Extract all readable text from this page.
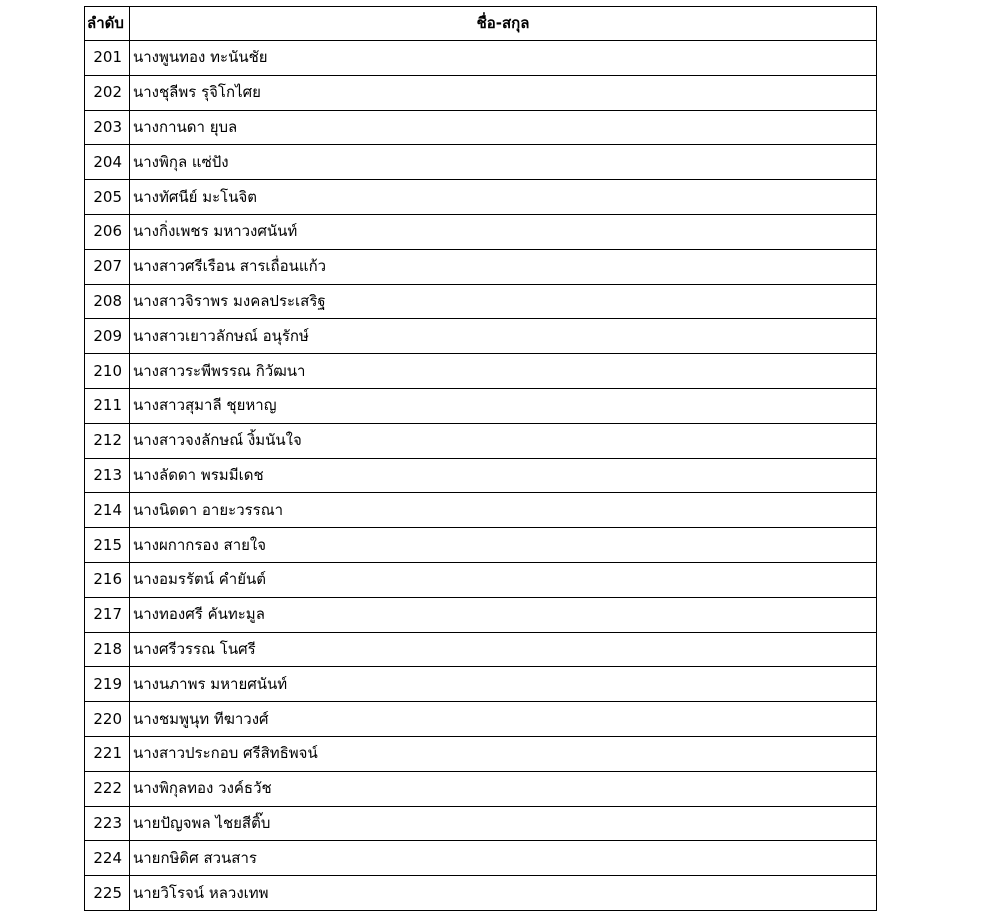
ลำดับ	ชื่อ-สกุล
201	นางพูนทอง ทะนันชัย
202	นางชุลีพร รุจิโกไศย
203	นางกานดา ยุบล
204	นางพิกุล แซ่ปัง
205	นางทัศนีย์ มะโนจิต
206	นางกิ่งเพชร มหาวงศนันท์
207	นางสาวศรีเรือน สารเถื่อนแก้ว
208	นางสาวจิราพร มงคลประเสริฐ
209	นางสาวเยาวลักษณ์ อนุรักษ์
210	นางสาวระพีพรรณ กิวัฒนา
211	นางสาวสุมาลี ชุยหาญ
212	นางสาวจงลักษณ์ งิ้มนันใจ
213	นางลัดดา พรมมีเดช
214	นางนิดดา อายะวรรณา
215	นางผกากรอง สายใจ
216	นางอมรรัตน์ คำยันต์
217	นางทองศรี คันทะมูล
218	นางศรีวรรณ โนศรี
219	นางนภาพร มหายศนันท์
220	นางชมพูนุท ทีฆาวงศ์
221	นางสาวประกอบ ศรีสิทธิพจน์
222	นางพิกุลทอง วงค์ธวัช
223	นายปัญจพล ไชยสีติ๊บ
224	นายกษิดิศ สวนสาร
225	นายวิโรจน์ หลวงเทพ
